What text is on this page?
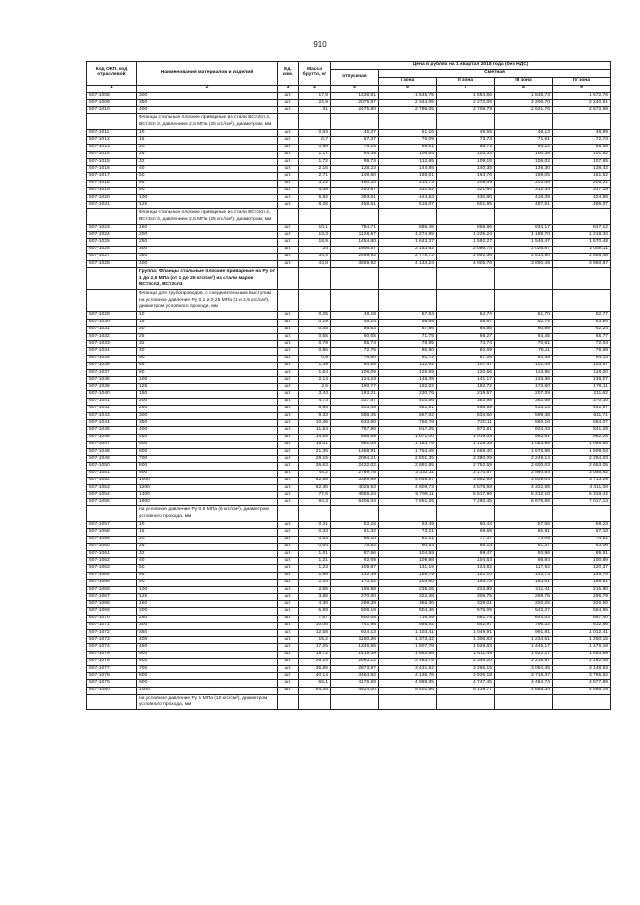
910
Код ОКП, код отраслевой	Наименования материалов и изделий	Ед. изм.	Масса брутто, кг	Цена в рублях на 1 квартал 2018 года (без НДС)				
				отпускная	Сметная			
					I зона	II зона	III зона	IV зона
1	2	3	4	5	6	7	8	9
507-1008	300	шт.	17,8	1436,91	1 645,75	1 594,56	1 546,73	1 572,76
507-1009	350	шт.	22,9	2075,87	2 344,05	2 272,06	2 206,70	2 240,91
507-1010	400	шт.	31	2475,80	2 796,05	2 708,79	2 631,76	2 672,68
	Фланцы стальные плоские приварные из стали ВСт3сп 2, ВСт3сп 3, давлением 2,5 МПа (25 кгс/см²), диаметром, мм							
507-1011	10	шт.	0,63	45,27	51,16	49,55	48,13	48,89
507-1012	15	шт.	0,7	67,37	76,09	73,73	71,61	72,73
507-1013	20	шт.	0,98	79,25	89,51	86,72	84,22	85,55
507-1014	25	шт.	1,17	94,39	106,64	103,33	100,38	101,92
507-1015	32	шт.	1,72	99,74	112,65	109,15	106,02	107,65
507-1016	40	шт.	2,15	128,23	144,85	140,35	136,30	138,42
507-1017	50	шт.	2,71	149,60	169,01	163,76	159,05	161,52
507-1018	65	шт.	3,22	190,10	214,73	208,09	202,06	205,21
507-1019	80	шт.	4,08	293,87	331,92	321,60	312,34	317,19
507-1020	100	шт.	5,82	393,61	444,63	430,80	418,39	424,89
507-1021	125	шт.	8,26	458,61	518,07	501,95	487,51	495,07
	Фланцы стальные плоские приварные из стали ВСт3сп 2, ВСт3сп 3, давлением 2,5 МПа (25 кгс/см²), диаметром, мм							
507-1023	150	шт.	10,1	784,71	886,45	858,86	834,17	847,12
507-1024	200	шт.	13,3	1128,57	1 274,85	1 235,24	1 199,70	1 218,32
507-1025	250	шт.	18,9	1454,80	1 643,37	1 592,27	1 546,47	1 570,48
507-1026	300	шт.	24	1906,57	2 153,62	2 086,74	2 026,67	2 058,11
507-1027	350	шт.	34,4	2459,92	2 778,73	2 692,36	2 614,90	2 655,48
507-1028	400	шт.	44,8	3659,92	4 134,24	4 005,78	3 890,49	3 950,87
	Группа: Фланцы стальные плоские приварные на Ру от 1 до 2,5 МПа (от 1 до 25 кгс/см²) из стали марок ВСт3сп2, ВСт3сп3							
	Фланцы для трубопроводов, с соединительным выступом на условное давление Ру 0,1 и 0,25 МПа (1 и 2,5 кгс/см²), диаметром условного прохода, мм							
507-1029	10	шт.	0,25	48,18	57,53	54,74	51,70	52,77
507-1030	15	шт.	0,29	49,14	58,69	55,87	52,75	53,84
507-1031	20	шт.	0,45	56,63	67,86	64,56	60,89	62,24
507-1032	25	шт.	0,55	60,05	71,75	68,27	64,45	65,77
507-1033	32	шт.	0,79	65,74	78,95	74,74	70,61	72,04
507-1034	40	шт.	0,85	72,75	86,90	82,69	78,11	79,68
507-1035	50	шт.	0,9	76,80	91,72	87,28	82,45	84,13
507-1036	65	шт.	1,39	94,55	112,92	107,47	101,49	103,57
507-1037	80	шт.	1,64	106,09	126,69	120,56	113,86	116,20
507-1038	100	шт.	2,14	124,23	148,39	141,17	133,36	136,07
507-1039	125	шт.	2,6	160,77	192,02	182,72	172,60	176,11
507-1040	150	шт.	3,43	193,21	230,76	219,57	207,39	211,62
507-1041	200	шт.	4,73	337,87	403,56	383,98	362,69	370,10
507-1042	250	шт.	6,65	403,49	481,91	458,55	433,14	441,97
507-1043	300	шт.	9,33	558,45	667,02	634,66	599,48	611,71
507-1044	350	шт.	10,45	633,60	756,78	720,11	680,16	694,07
507-1045	400	шт.	11,64	767,96	917,25	872,81	824,43	841,29
507-1046	450	шт.	14,55	896,69	1 071,00	1 019,09	962,61	982,25
507-1047	500	шт.	16,01	991,08	1 183,76	1 126,38	1 063,95	1 085,65
507-1048	600	шт.	21,35	1468,91	1 754,45	1 669,40	1 576,88	1 609,04
507-1049	700	шт.	29,15	2094,21	2 501,35	2 380,09	2 248,14	2 294,03
507-1050	800	шт.	36,63	2422,02	2 892,85	2 752,59	2 600,03	2 653,05
507-1051	900	шт.	44,2	2789,76	3 332,11	3 170,57	2 994,84	3 055,92
507-1052	1000	шт.	52,58	3389,89	4 048,87	3 852,59	3 639,04	3 713,29
507-1053	1200	шт.	62,36	4026,93	4 809,73	4 576,58	4 322,88	4 411,08
507-1054	1400	шт.	77,6	4855,24	5 799,11	5 517,96	5 212,10	5 318,42
507-1055	1600	шт.	94,3	6406,04	7 651,26	7 280,45	6 876,69	7 017,14
	на условное давление Ру 0,6 МПа (6 кгс/см²), диаметром условного прохода, мм							
507-1057	10	шт.	0,31	53,16	63,49	60,43	57,06	58,23
507-1058	15	шт.	0,33	61,32	73,21	69,69	65,81	67,18
507-1059	20	шт.	0,53	66,10	81,31	77,37	73,09	74,61
507-1060	25	шт.	0,64	75,82	90,53	86,14	81,37	83,06
507-1061	32	шт.	1,01	87,56	104,59	99,47	93,96	95,91
507-1062	40	шт.	1,21	92,09	109,98	104,63	98,84	100,89
507-1063	50	шт.	1,23	109,87	131,19	124,82	117,92	120,37
507-1064	65	шт.	1,68	132,39	158,79	151,10	142,73	145,70
507-1065	80	шт.	2,44	170,52	203,60	193,73	183,01	186,81
507-1066	100	шт.	2,85	196,98	235,26	223,89	211,41	215,80
507-1067	125	шт.	3,66	270,00	322,38	306,75	289,76	295,79
507-1068	150	шт.	4,36	298,39	356,30	339,01	320,25	326,90
507-1069	200	шт.	5,69	506,19	604,46	575,09	543,27	554,55
507-1070	250	шт.	7,67	600,05	716,49	681,75	644,03	657,40
507-1071	300	шт.	10,06	741,95	885,92	842,97	796,32	812,86
507-1072	350	шт.	12,58	924,13	1 103,41	1 049,91	991,81	1 012,41
507-1073	400	шт.	15,2	1150,26	1 373,42	1 306,83	1 234,51	1 260,15
507-1074	450	шт.	17,25	1346,55	1 607,78	1 529,83	1 445,17	1 475,18
507-1075	500	шт.	19,72	1419,39	1 693,56	1 611,45	1 522,27	1 553,89
507-1076	600	шт.	26,24	2063,12	2 463,75	2 346,20	2 216,57	2 262,45
507-1077	700	шт.	36,66	2873,97	3 431,52	3 265,15	3 084,45	3 148,53
507-1078	800	шт.	40,14	3464,62	4 136,76	3 936,18	3 718,37	3 795,62
507-1079	900	шт.	55,1	4176,69	4 989,35	4 747,45	4 484,74	4 577,89
507-1080	1000	шт.	64,35	4524,00	5 401,66	5 139,77	4 855,34	4 956,19
	на условное давление Ру 1 МПа (10 кгс/см²), диаметром условного прохода, мм							
